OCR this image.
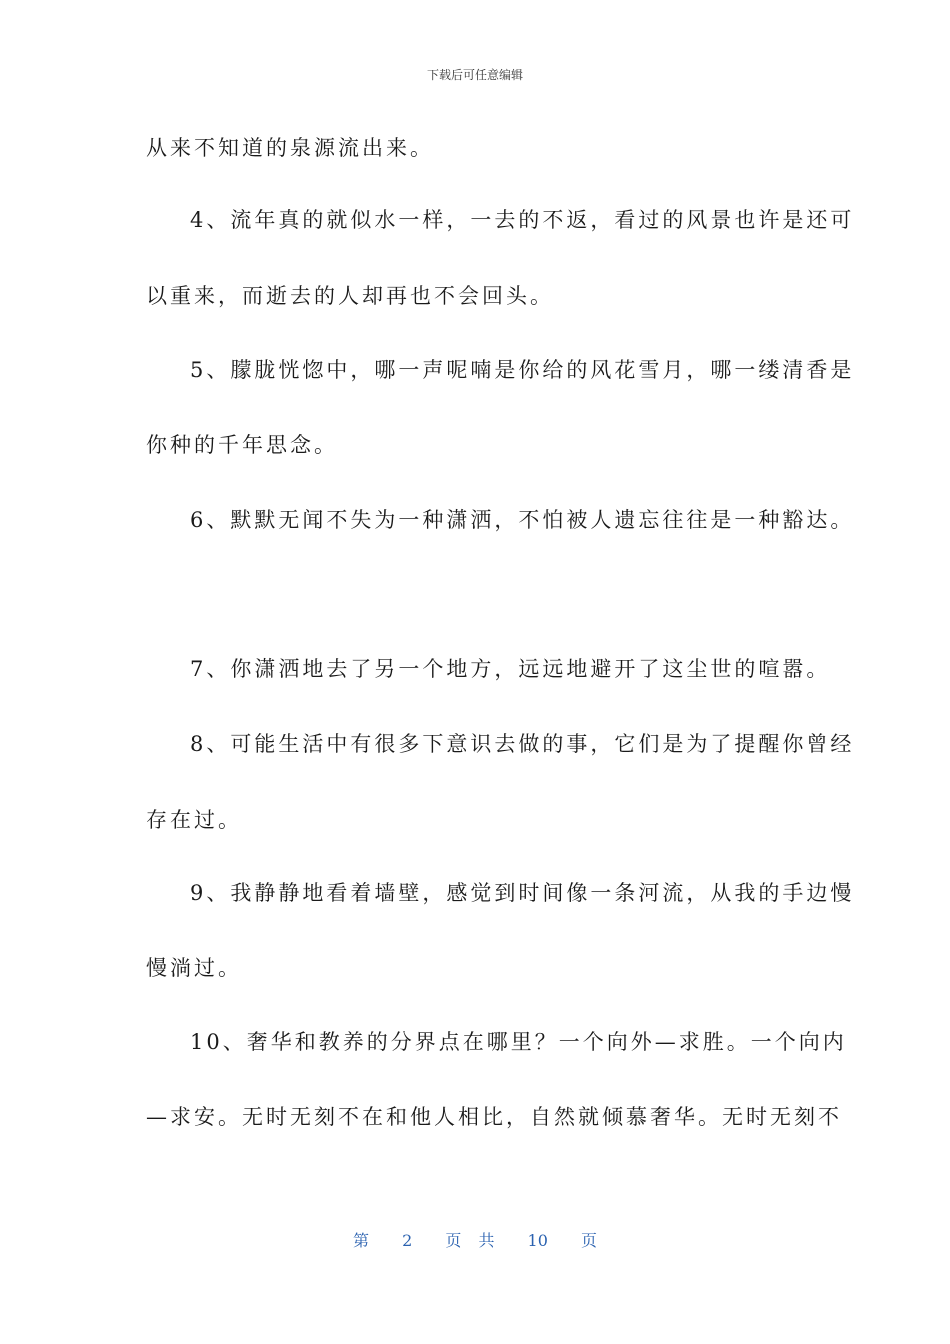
下载后可任意编辑
从来不知道的泉源流出来。
4、流年真的就似水一样，一去的不返，看过的风景也许是还可
以重来，而逝去的人却再也不会回头。
5、朦胧恍惚中，哪一声呢喃是你给的风花雪月，哪一缕清香是
你种的千年思念。
6、默默无闻不失为一种潇洒，不怕被人遗忘往往是一种豁达。
7、你潇洒地去了另一个地方，远远地避开了这尘世的喧嚣。
8、可能生活中有很多下意识去做的事，它们是为了提醒你曾经
存在过。
9、我静静地看着墙壁，感觉到时间像一条河流，从我的手边慢
慢淌过。
10、奢华和教养的分界点在哪里？一个向外—求胜。一个向内
—求安。无时无刻不在和他人相比，自然就倾慕奢华。无时无刻不
第 2 页 共 10 页
